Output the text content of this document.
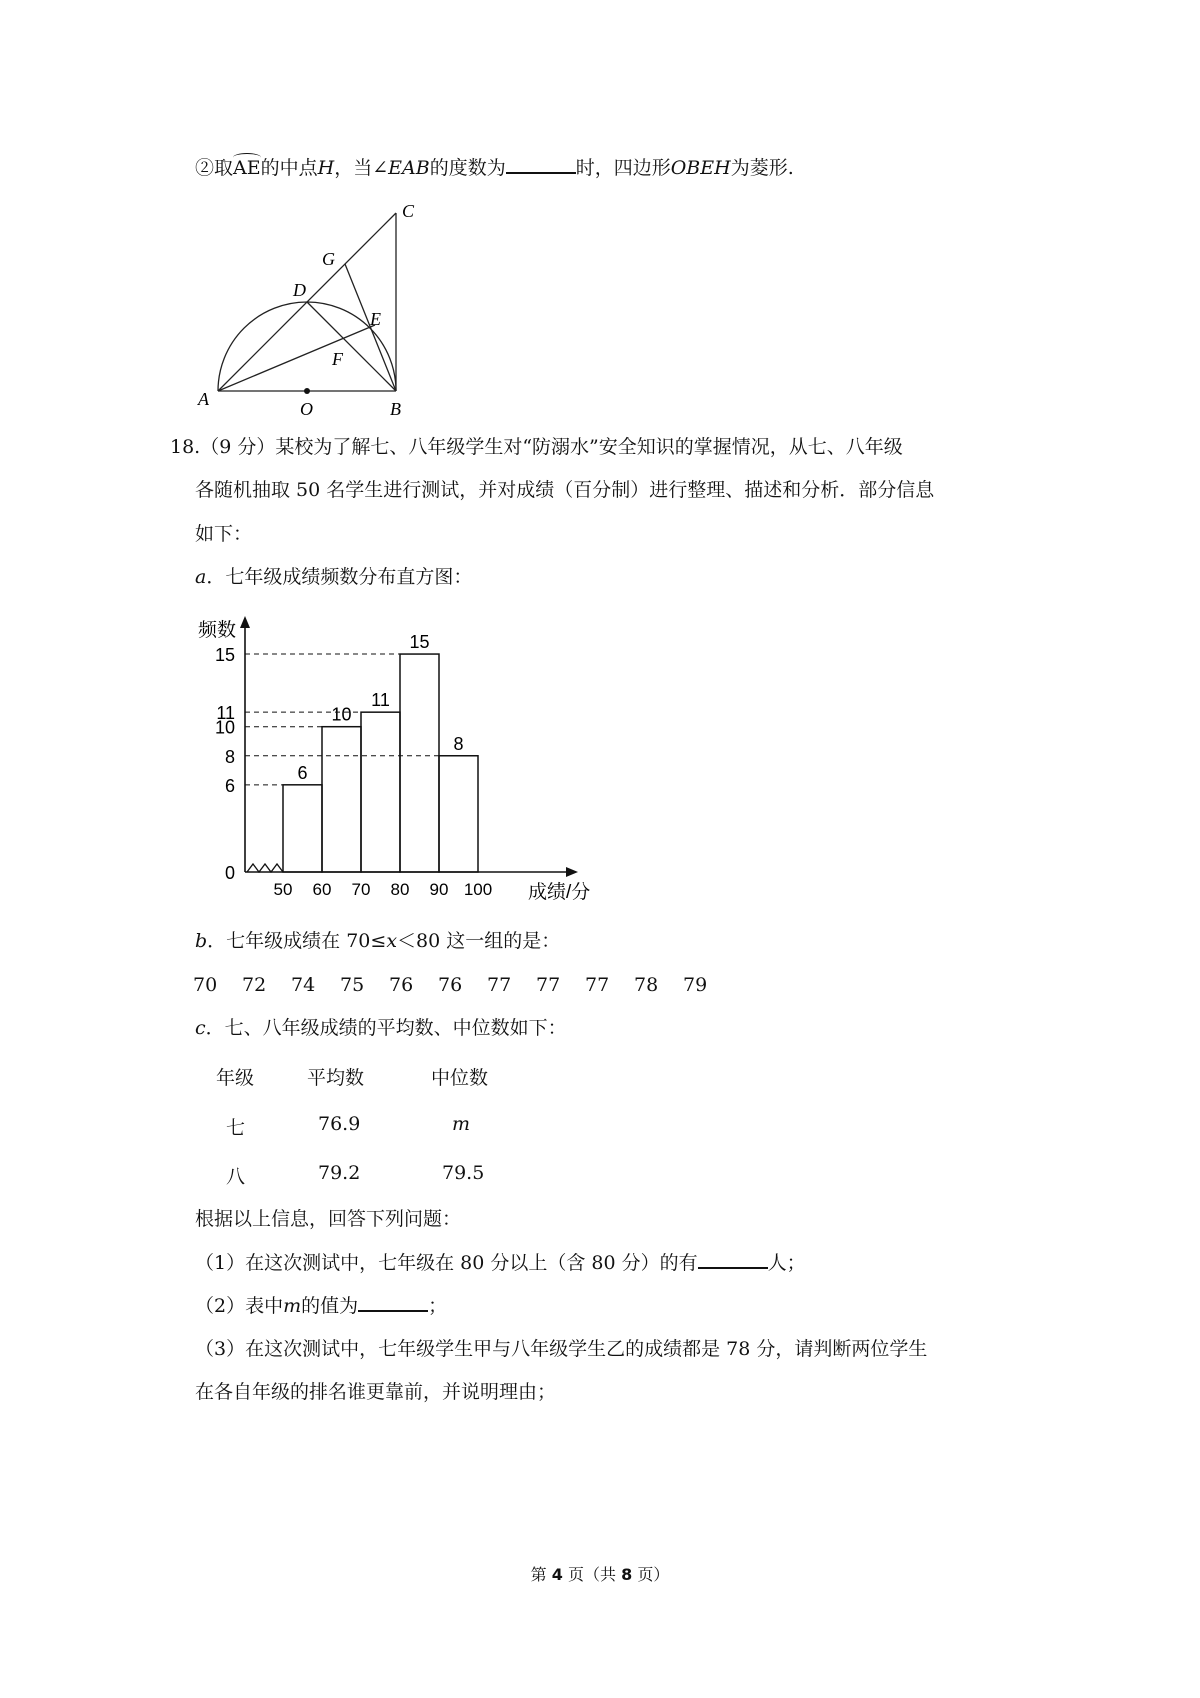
②取AE的中点H，当∠EAB的度数为	时，四边形OBEH为菱形.
A	O	B
C
G
D
E
F
18.（9 分）某校为了解七、八年级学生对“防溺水”安全知识的掌握情况，从七、八年级
各随机抽取 50 名学生进行测试，并对成绩（百分制）进行整理、描述和分析．部分信息
如下：
a．七年级成绩频数分布直方图：
频数
成绩/分
6
10
11
15
8
0
6
8
10
11
15
50 60 70 80 90 100
b．七年级成绩在 70≤x＜80 这一组的是：
70 72 74 75 76 76 77 77 77 78 79
c．七、八年级成绩的平均数、中位数如下：
年级	平均数	中位数
七	76.9	m
八	79.2	79.5
根据以上信息，回答下列问题：
（1）在这次测试中，七年级在 80 分以上（含 80 分）的有	人；
（2）表中m的值为	；
（3）在这次测试中，七年级学生甲与八年级学生乙的成绩都是 78 分，请判断两位学生
在各自年级的排名谁更靠前，并说明理由；
第 4 页（共 8 页）
